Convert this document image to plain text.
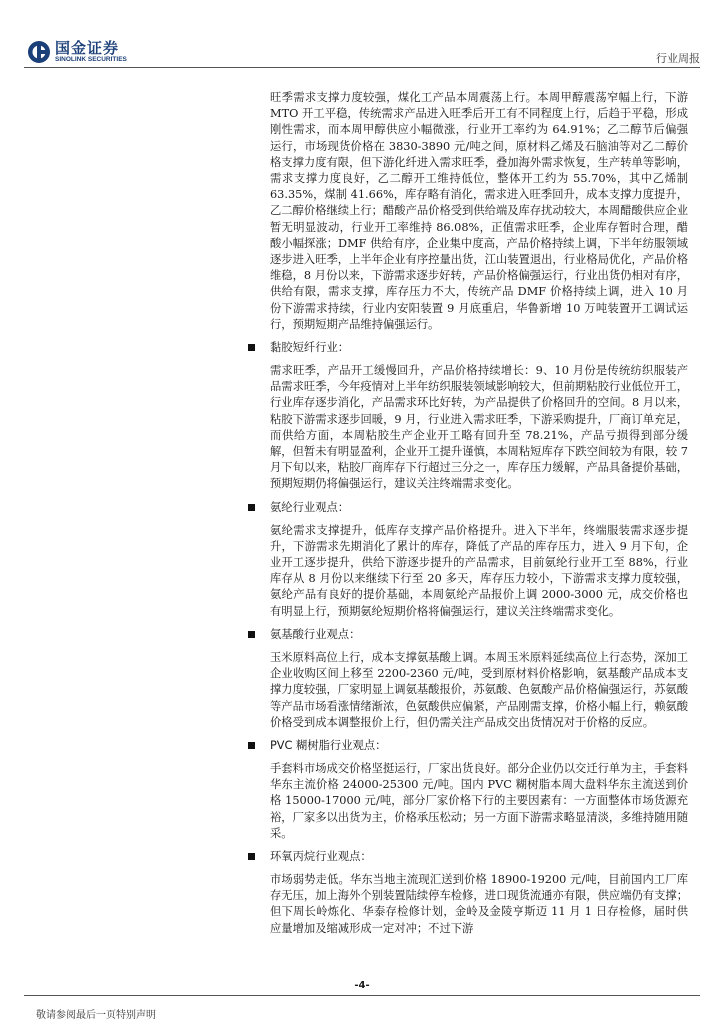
国金证券
SINOLINK SECURITIES	行业周报

旺季需求支撑力度较强，煤化工产品本周震荡上行。本周甲醇震荡窄幅上行，下游 MTO 开工平稳，传统需求产品进入旺季后开工有不同程度上行，后趋于平稳，形成刚性需求，而本周甲醇供应小幅微涨，行业开工率约为 64.91%；乙二醇节后偏强运行，市场现货价格在 3830-3890 元/吨之间，原材料乙烯及石脑油等对乙二醇价格支撑力度有限，但下游化纤进入需求旺季，叠加海外需求恢复，生产转单等影响，需求支撑力度良好，乙二醇开工维持低位，整体开工约为 55.70%，其中乙烯制 63.35%，煤制 41.66%，库存略有消化，需求进入旺季回升，成本支撑力度提升，乙二醇价格继续上行；醋酸产品价格受到供给端及库存扰动较大，本周醋酸供应企业暂无明显波动，行业开工率维持 86.08%，正值需求旺季，企业库存暂时合理，醋酸小幅探涨；DMF 供给有序，企业集中度高，产品价格持续上调，下半年纺服领域逐步进入旺季，上半年企业有序控量出货，江山装置退出，行业格局优化，产品价格维稳，8 月份以来，下游需求逐步好转，产品价格偏强运行，行业出货仍相对有序，供给有限，需求支撑，库存压力不大，传统产品 DMF 价格持续上调，进入 10 月份下游需求持续，行业内安阳装置 9 月底重启，华鲁新增 10 万吨装置开工调试运行，预期短期产品维持偏强运行。

黏胶短纤行业：

需求旺季，产品开工缓慢回升，产品价格持续增长：9、10 月份是传统纺织服装产品需求旺季，今年疫情对上半年纺织服装领域影响较大，但前期粘胶行业低位开工，行业库存逐步消化，产品需求环比好转，为产品提供了价格回升的空间。8 月以来，粘胶下游需求逐步回暖，9 月，行业进入需求旺季，下游采购提升，厂商订单充足，而供给方面，本周粘胶生产企业开工略有回升至 78.21%，产品亏损得到部分缓解，但暂未有明显盈利，企业开工提升谨慎，本周粘短库存下跌空间较为有限，较 7 月下旬以来，粘胶厂商库存下行超过三分之一，库存压力缓解，产品具备提价基础，预期短期仍将偏强运行，建议关注终端需求变化。

氨纶行业观点：

氨纶需求支撑提升，低库存支撑产品价格提升。进入下半年，终端服装需求逐步提升，下游需求先期消化了累计的库存，降低了产品的库存压力，进入 9 月下旬，企业开工逐步提升，供给下游逐步提升的产品需求，目前氨纶行业开工至 88%，行业库存从 8 月份以来继续下行至 20 多天，库存压力较小，下游需求支撑力度较强，氨纶产品有良好的提价基础，本周氨纶产品报价上调 2000-3000 元，成交价格也有明显上行，预期氨纶短期价格将偏强运行，建议关注终端需求变化。

氨基酸行业观点：

玉米原料高位上行，成本支撑氨基酸上调。本周玉米原料延续高位上行态势，深加工企业收购区间上移至 2200-2360 元/吨，受到原材料价格影响，氨基酸产品成本支撑力度较强，厂家明显上调氨基酸报价，苏氨酸、色氨酸产品价格偏强运行，苏氨酸等产品市场看涨情绪渐浓，色氨酸供应偏紧，产品刚需支撑，价格小幅上行，赖氨酸价格受到成本调整报价上行，但仍需关注产品成交出货情况对于价格的反应。

PVC 糊树脂行业观点：

手套料市场成交价格坚挺运行，厂家出货良好。部分企业仍以交迁行单为主，手套料华东主流价格 24000-25300 元/吨。国内 PVC 糊树脂本周大盘料华东主流送到价格 15000-17000 元/吨，部分厂家价格下行的主要因素有：一方面整体市场货源充裕，厂家多以出货为主，价格承压松动；另一方面下游需求略显清淡，多维持随用随采。

环氧丙烷行业观点：

市场弱势走低。华东当地主流现汇送到价格 18900-19200 元/吨，目前国内工厂库存无压，加上海外个别装置陆续停车检修，进口现货流通亦有限，供应端仍有支撑；但下周长岭炼化、华泰存检修计划，金岭及金陵亨斯迈 11 月 1 日存检修，届时供应量增加及缩减形成一定对冲；不过下游

-4-
敬请参阅最后一页特别声明
